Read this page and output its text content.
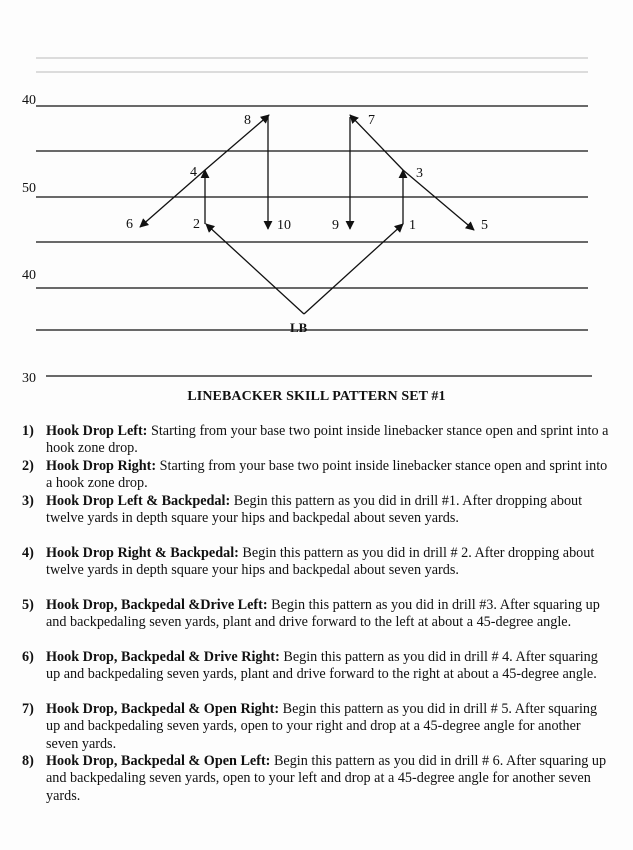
40
50
40
30
1
2
3
4
5
6
7
8
9
10
LB
LINEBACKER SKILL PATTERN SET #1
1) Hook Drop Left: Starting from your base two point inside linebacker stance open and sprint into a hook zone drop.
2) Hook Drop Right: Starting from your base two point inside linebacker stance open and sprint into a hook zone drop.
3) Hook Drop Left & Backpedal: Begin this pattern as you did in drill #1. After dropping about twelve yards in depth square your hips and backpedal about seven yards.
4) Hook Drop Right & Backpedal: Begin this pattern as you did in drill # 2. After dropping about twelve yards in depth square your hips and backpedal about seven yards.
5) Hook Drop, Backpedal &Drive Left: Begin this pattern as you did in drill #3. After squaring up and backpedaling seven yards, plant and drive forward to the left at about a 45-degree angle.
6) Hook Drop, Backpedal & Drive Right: Begin this pattern as you did in drill # 4. After squaring up and backpedaling seven yards, plant and drive forward to the right at about a 45-degree angle.
7) Hook Drop, Backpedal & Open Right: Begin this pattern as you did in drill # 5. After squaring up and backpedaling seven yards, open to your right and drop at a 45-degree angle for another seven yards.
8) Hook Drop, Backpedal & Open Left: Begin this pattern as you did in drill # 6. After squaring up and backpedaling seven yards, open to your left and drop at a 45-degree angle for another seven yards.
